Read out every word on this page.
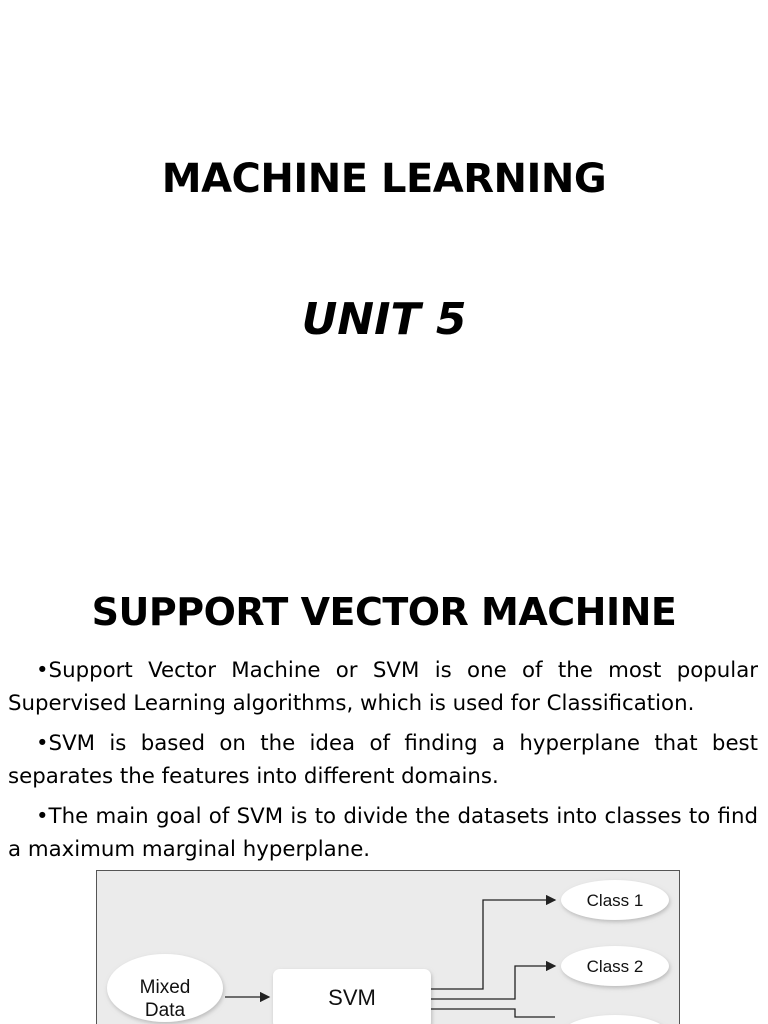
MACHINE LEARNING
UNIT 5
SUPPORT VECTOR MACHINE

•Support Vector Machine or SVM is one of the most popular Supervised Learning algorithms, which is used for Classification.

•SVM is based on the idea of finding a hyperplane that best separates the features into different domains.

•The main goal of SVM is to divide the datasets into classes to find a maximum marginal hyperplane.

Mixed
Data
SVM
Class 1
Class 2
